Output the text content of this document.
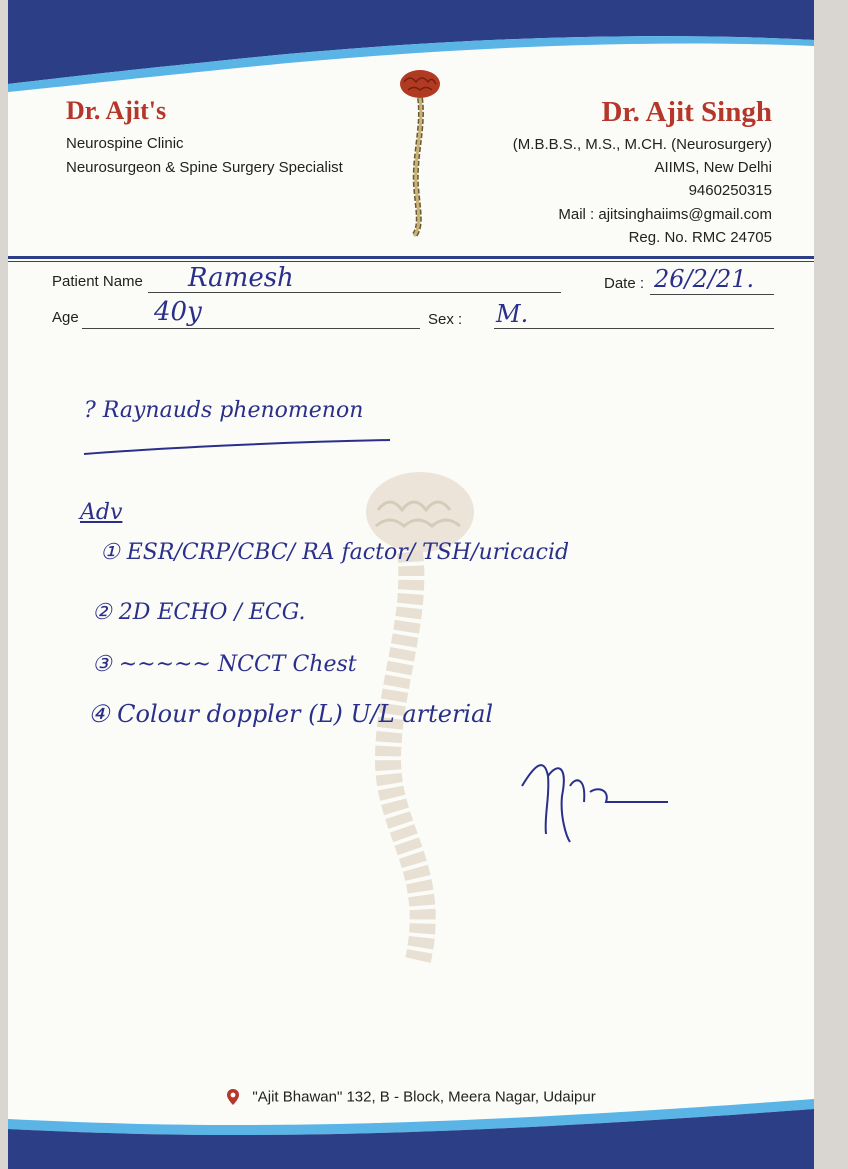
Dr. Ajit's
Neurospine Clinic
Neurosurgeon & Spine Surgery Specialist
Dr. Ajit Singh
(M.B.B.S., M.S., M.CH. (Neurosurgery)
AIIMS, New Delhi
9460250315
Mail : ajitsinghaiims@gmail.com
Reg. No. RMC 24705
Patient Name Ramesh	Date : 26/2/21.
Age	40y	Sex : M.
? Raynauds phenomenon
Adv
① ESR/CRP/CBC/ RA factor/ TSH/uricacid
② 2D ECHO / ECG.
③ ~~~~~ NCCT Chest
④ Colour doppler (L) U/L arterial
"Ajit Bhawan" 132, B - Block, Meera Nagar, Udaipur
